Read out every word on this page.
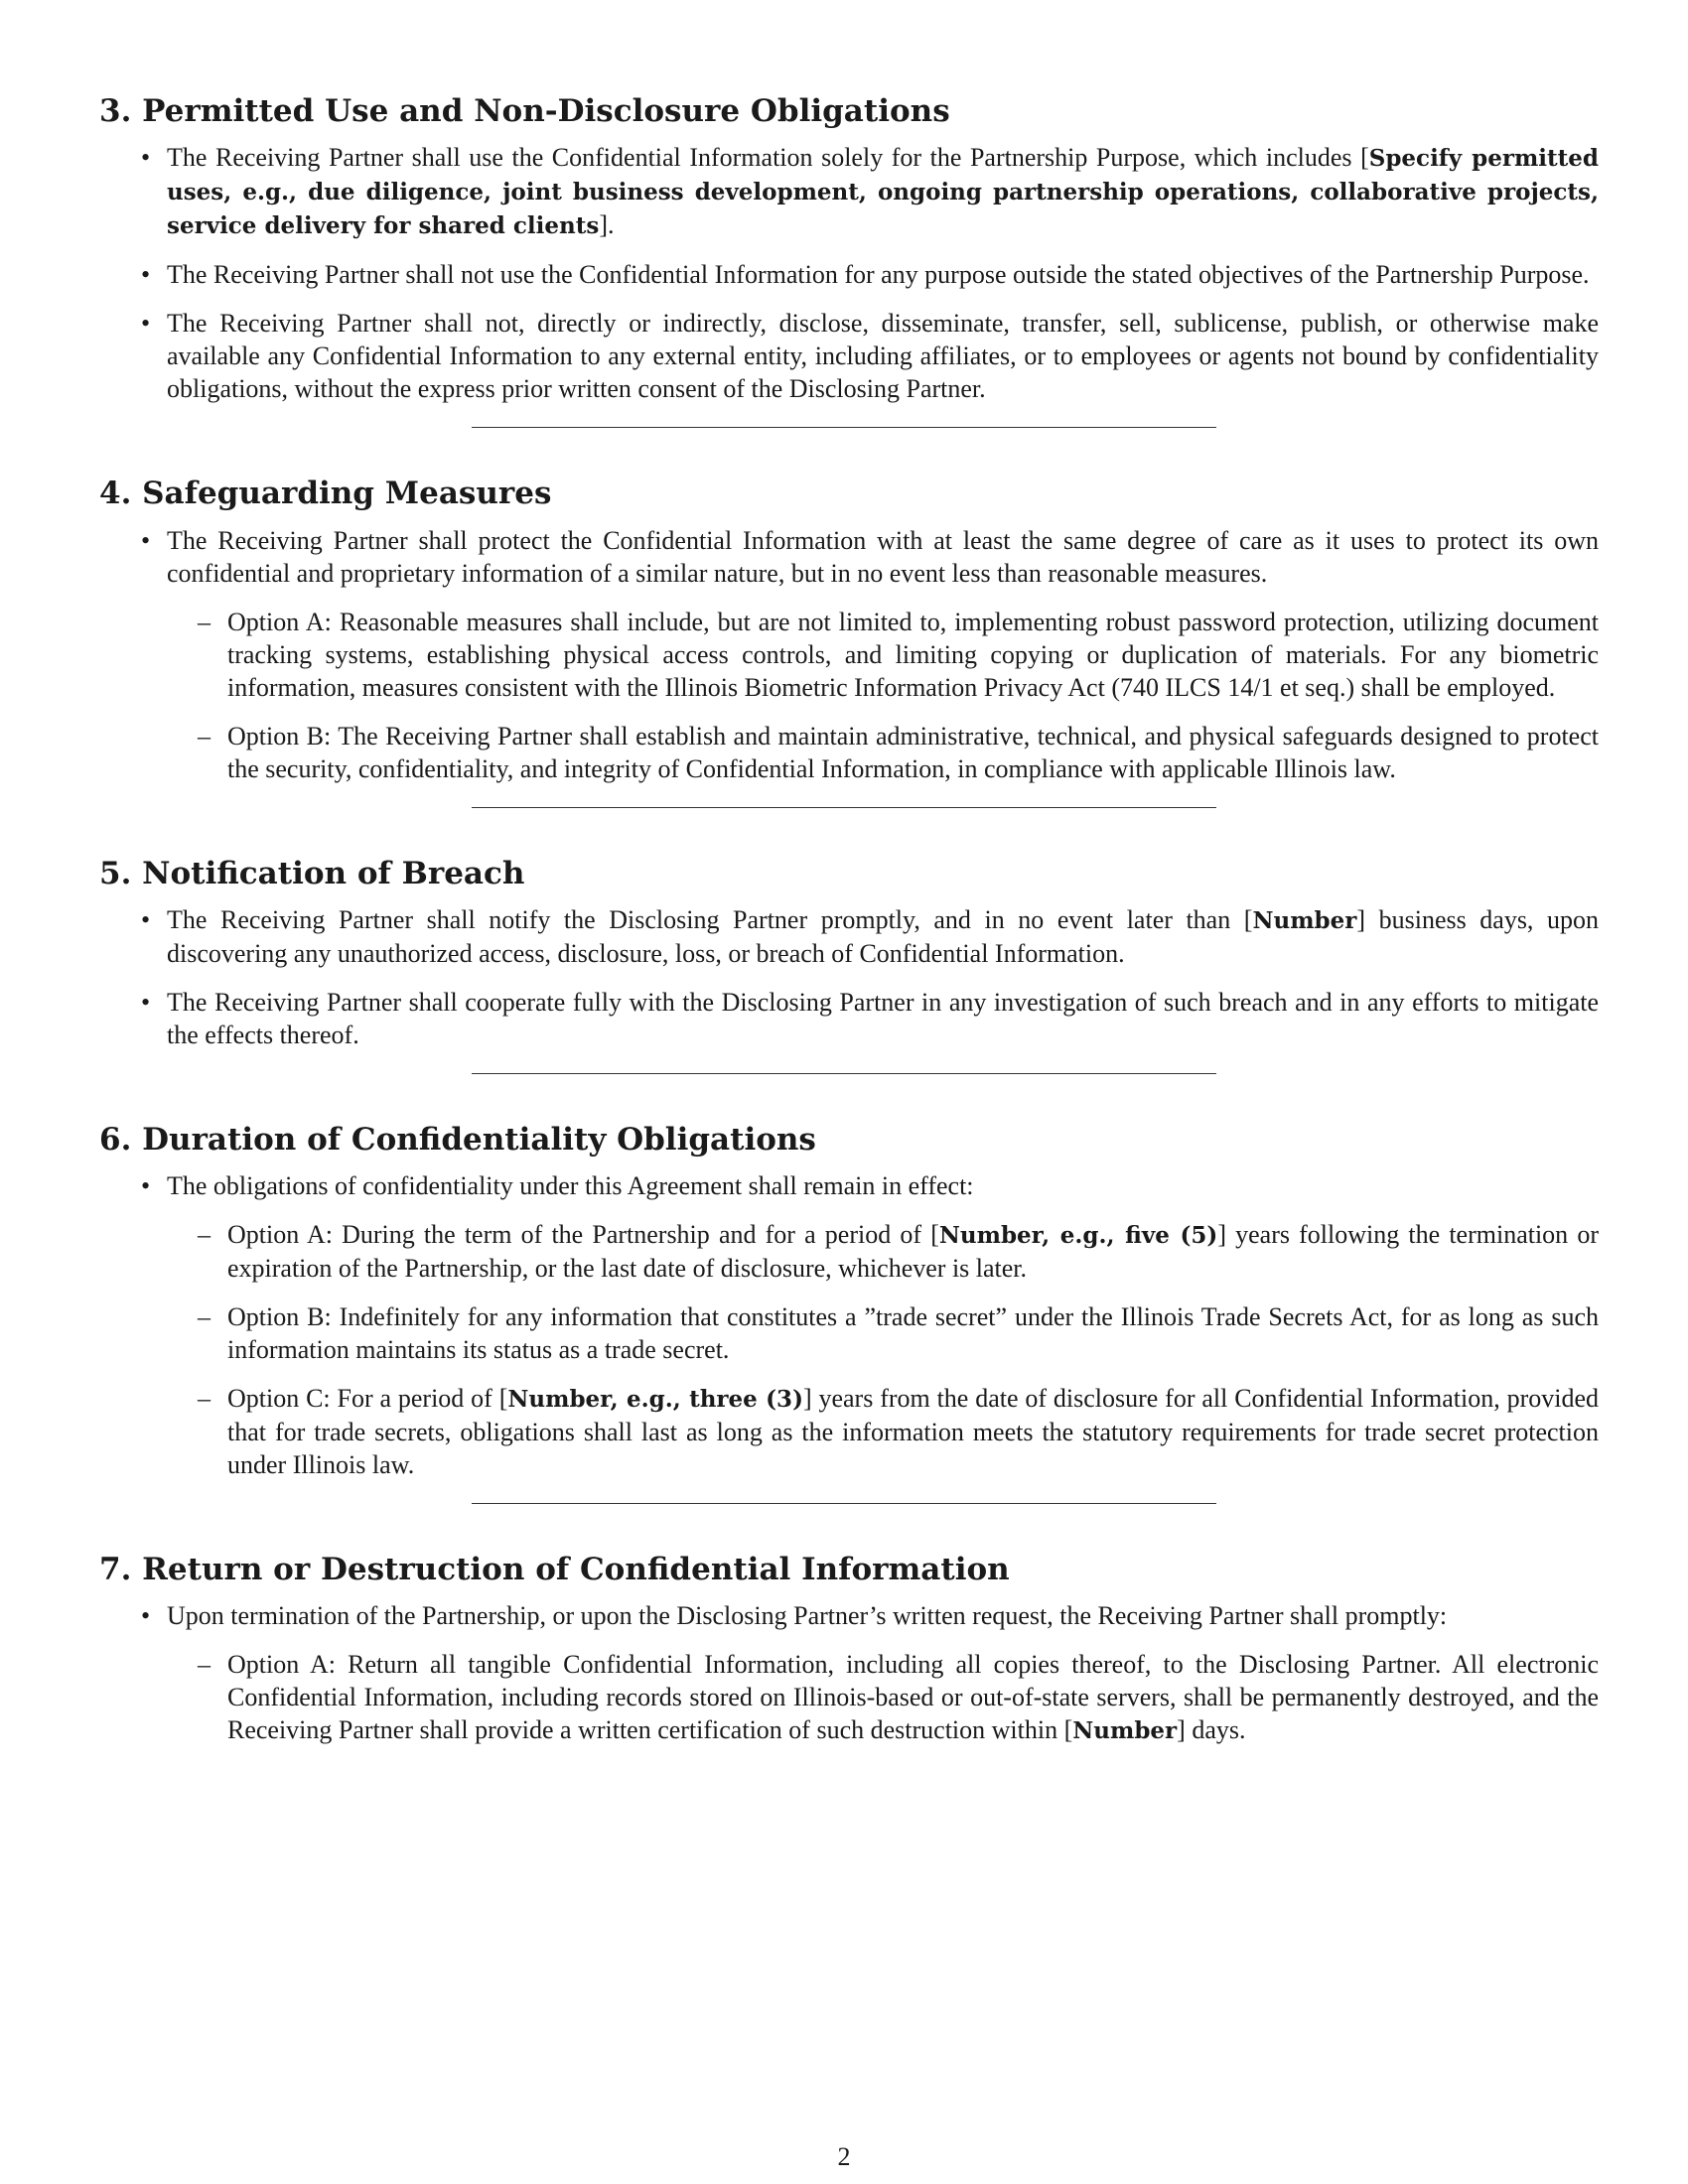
3. Permitted Use and Non-Disclosure Obligations
• The Receiving Partner shall use the Confidential Information solely for the Partnership Purpose, which includes [Specify permitted uses, e.g., due diligence, joint business development, ongoing partnership operations, collaborative projects, service delivery for shared clients].
• The Receiving Partner shall not use the Confidential Information for any purpose outside the stated objectives of the Partnership Purpose.
• The Receiving Partner shall not, directly or indirectly, disclose, disseminate, transfer, sell, sublicense, publish, or otherwise make available any Confidential Information to any external entity, including affiliates, or to employees or agents not bound by confidentiality obligations, without the express prior written consent of the Disclosing Partner.
4. Safeguarding Measures
• The Receiving Partner shall protect the Confidential Information with at least the same degree of care as it uses to protect its own confidential and proprietary information of a similar nature, but in no event less than reasonable measures.
– Option A: Reasonable measures shall include, but are not limited to, implementing robust password protection, utilizing document tracking systems, establishing physical access controls, and limiting copying or duplication of materials. For any biometric information, measures consistent with the Illinois Biometric Information Privacy Act (740 ILCS 14/1 et seq.) shall be employed.
– Option B: The Receiving Partner shall establish and maintain administrative, technical, and physical safeguards designed to protect the security, confidentiality, and integrity of Confidential Information, in compliance with applicable Illinois law.
5. Notification of Breach
• The Receiving Partner shall notify the Disclosing Partner promptly, and in no event later than [Number] business days, upon discovering any unauthorized access, disclosure, loss, or breach of Confidential Information.
• The Receiving Partner shall cooperate fully with the Disclosing Partner in any investigation of such breach and in any efforts to mitigate the effects thereof.
6. Duration of Confidentiality Obligations
• The obligations of confidentiality under this Agreement shall remain in effect:
– Option A: During the term of the Partnership and for a period of [Number, e.g., five (5)] years following the termination or expiration of the Partnership, or the last date of disclosure, whichever is later.
– Option B: Indefinitely for any information that constitutes a ”trade secret” under the Illinois Trade Secrets Act, for as long as such information maintains its status as a trade secret.
– Option C: For a period of [Number, e.g., three (3)] years from the date of disclosure for all Confidential Information, provided that for trade secrets, obligations shall last as long as the information meets the statutory requirements for trade secret protection under Illinois law.
7. Return or Destruction of Confidential Information
• Upon termination of the Partnership, or upon the Disclosing Partner’s written request, the Receiving Partner shall promptly:
– Option A: Return all tangible Confidential Information, including all copies thereof, to the Disclosing Partner. All electronic Confidential Information, including records stored on Illinois-based or out-of-state servers, shall be permanently destroyed, and the Receiving Partner shall provide a written certification of such destruction within [Number] days.
2
